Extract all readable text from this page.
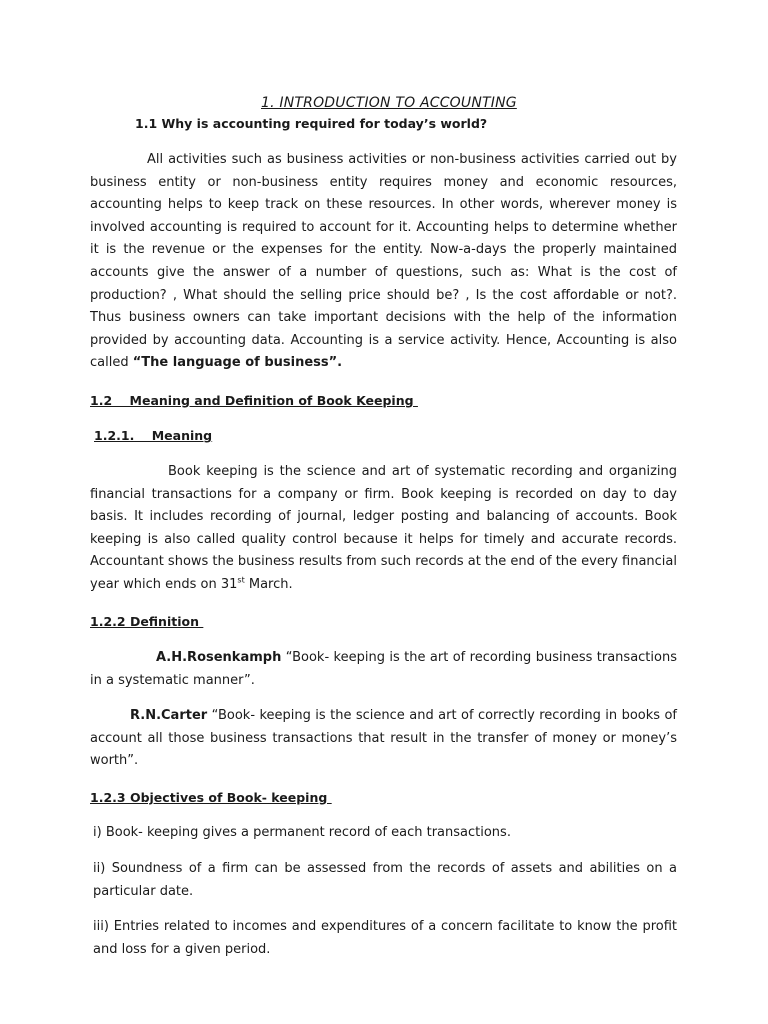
1. INTRODUCTION TO ACCOUNTING
1.1 Why is accounting required for today’s world?

All activities such as business activities or non-business activities carried out by business entity or non-business entity requires money and economic resources, accounting helps to keep track on these resources. In other words, wherever money is involved accounting is required to account for it. Accounting helps to determine whether it is the revenue or the expenses for the entity. Now-a-days the properly maintained accounts give the answer of a number of questions, such as: What is the cost of production? , What should the selling price should be? , Is the cost affordable or not?. Thus business owners can take important decisions with the help of the information provided by accounting data. Accounting is a service activity. Hence, Accounting is also called “The language of business”.

1.2    Meaning and Definition of Book Keeping
1.2.1.    Meaning

Book keeping is the science and art of systematic recording and organizing financial transactions for a company or firm. Book keeping is recorded on day to day basis. It includes recording of journal, ledger posting and balancing of accounts. Book keeping is also called quality control because it helps for timely and accurate records. Accountant shows the business results from such records at the end of the every financial year which ends on 31st March.

1.2.2 Definition

A.H.Rosenkamph “Book- keeping is the art of recording business transactions in a systematic manner”.

R.N.Carter “Book- keeping is the science and art of correctly recording in books of account all those business transactions that result in the transfer of money or money’s worth”.

1.2.3 Objectives of Book- keeping

i) Book- keeping gives a permanent record of each transactions.

ii) Soundness of a firm can be assessed from the records of assets and abilities on a particular date.

iii) Entries related to incomes and expenditures of a concern facilitate to know the profit and loss for a given period.
